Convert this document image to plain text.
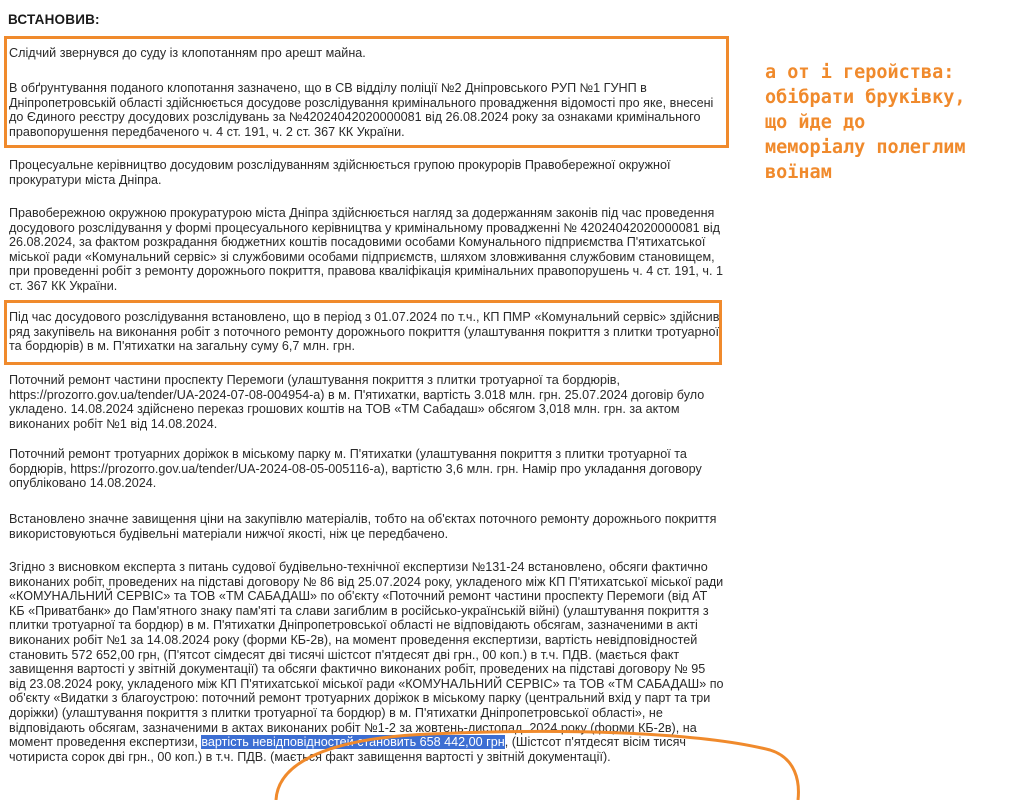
ВСТАНОВИВ:
Слідчий звернувся до суду із клопотанням про арешт майна.
В обґрунтування поданого клопотання зазначено, що в СВ відділу поліції №2 Дніпровського РУП №1 ГУНП в Дніпропетровській області здійснюється досудове розслідування кримінального провадження відомості про яке, внесені до Єдиного реєстру досудових розслідувань за №42024042020000081 від 26.08.2024 року за ознаками кримінального правопорушення передбаченого ч. 4 ст. 191, ч. 2 ст. 367 КК України.
Процесуальне керівництво досудовим розслідуванням здійснюється групою прокурорів Правобережної окружної прокуратури міста Дніпра.
Правобережною окружною прокуратурою міста Дніпра здійснюється нагляд за додержанням законів під час проведення досудового розслідування у формі процесуального керівництва у кримінальному провадженні № 42024042020000081 від 26.08.2024, за фактом розкрадання бюджетних коштів посадовими особами Комунального підприємства П'ятихатської міської ради «Комунальний сервіс» зі службовими особами підприємств, шляхом зловживання службовим становищем, при проведенні робіт з ремонту дорожнього покриття, правова кваліфікація кримінальних правопорушень ч. 4 ст. 191, ч. 1 ст. 367 КК України.
Під час досудового розслідування встановлено, що в період з 01.07.2024 по т.ч., КП ПМР «Комунальний сервіс» здійснив ряд закупівель на виконання робіт з поточного ремонту дорожнього покриття (улаштування покриття з плитки тротуарної та бордюрів) в м. П'ятихатки на загальну суму 6,7 млн. грн.
Поточний ремонт частини проспекту Перемоги (улаштування покриття з плитки тротуарної та бордюрів, https://prozorro.gov.ua/tender/UA-2024-07-08-004954-a) в м. П'ятихатки, вартість 3.018 млн. грн. 25.07.2024 договір було укладено. 14.08.2024 здійснено переказ грошових коштів на ТОВ «ТМ Сабадаш» обсягом 3,018 млн. грн. за актом виконаних робіт №1 від 14.08.2024.
Поточний ремонт тротуарних доріжок в міському парку м. П'ятихатки (улаштування покриття з плитки тротуарної та бордюрів, https://prozorro.gov.ua/tender/UA-2024-08-05-005116-a), вартістю 3,6 млн. грн. Намір про укладання договору опубліковано 14.08.2024.
Встановлено значне завищення ціни на закупівлю матеріалів, тобто на об'єктах поточного ремонту дорожнього покриття використовуються будівельні матеріали нижчої якості, ніж це передбачено.
Згідно з висновком експерта з питань судової будівельно-технічної експертизи №131-24 встановлено, обсяги фактично виконаних робіт, проведених на підставі договору № 86 від 25.07.2024 року, укладеного між КП П'ятихатської міської ради «КОМУНАЛЬНИЙ СЕРВІС» та ТОВ «ТМ САБАДАШ» по об'єкту «Поточний ремонт частини проспекту Перемоги (від АТ КБ «Приватбанк» до Пам'ятного знаку пам'яті та слави загиблим в російсько-українській війні) (улаштування покриття з плитки тротуарної та бордюр) в м. П'ятихатки Дніпропетровської області не відповідають обсягам, зазначеними в акті виконаних робіт №1 за 14.08.2024 року (форми КБ-2в), на момент проведення експертизи, вартість невідповідностей становить 572 652,00 грн, (П'ятсот сімдесят дві тисячі шістсот п'ятдесят дві грн., 00 коп.) в т.ч. ПДВ. (мається факт завищення вартості у звітній документації) та обсяги фактично виконаних робіт, проведених на підставі договору № 95 від 23.08.2024 року, укладеного між КП П'ятихатської міської ради «КОМУНАЛЬНИЙ СЕРВІС» та ТОВ «ТМ САБАДАШ» по об'єкту «Видатки з благоустрою: поточний ремонт тротуарних доріжок в міському парку (центральний вхід у парт та три доріжки) (улаштування покриття з плитки тротуарної та бордюр) в м. П'ятихатки Дніпропетровської області», не відповідають обсягам, зазначеними в актах виконаних робіт №1-2 за жовтень-листопад. 2024 року (форми КБ-2в), на момент проведення експертизи, вартість невідповідностей становить 658 442,00 грн, (Шістсот п'ятдесят вісім тисяч чотириста сорок дві грн., 00 коп.) в т.ч. ПДВ. (мається факт завищення вартості у звітній документації).
а от і геройства:
обібрати бруківку,
що йде до
меморіалу полеглим
воїнам
